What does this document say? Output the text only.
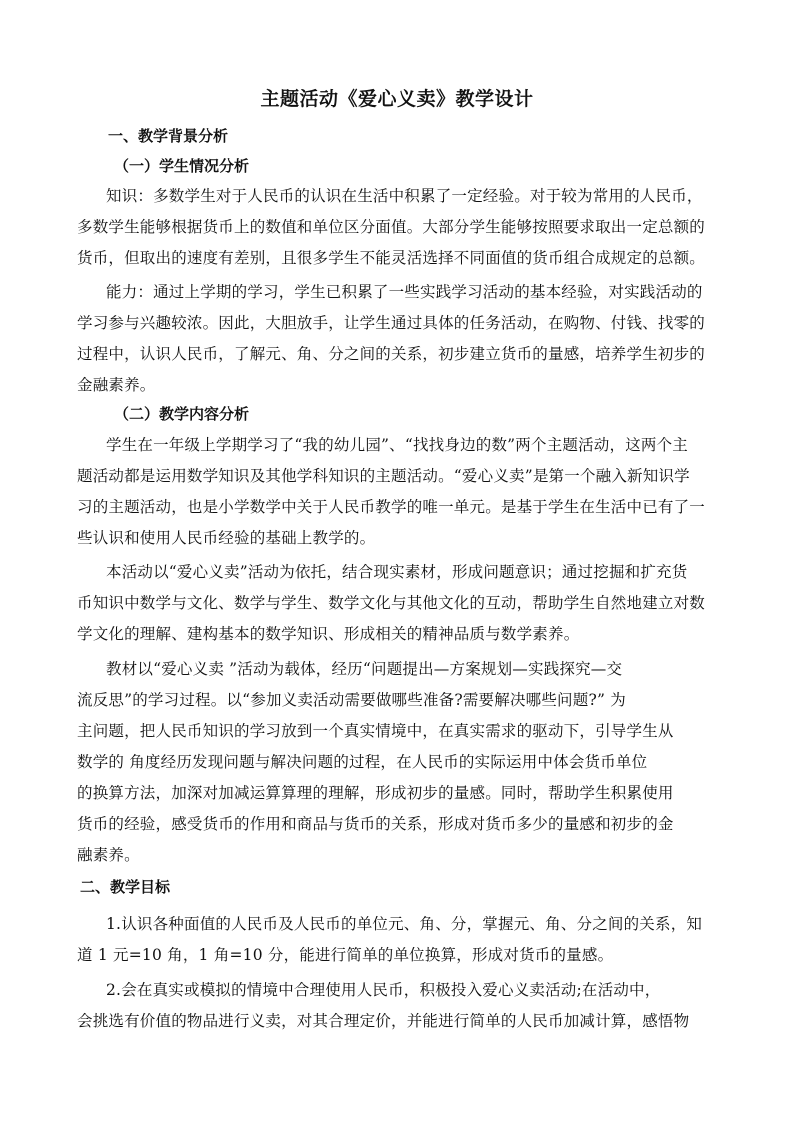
主题活动《爱心义卖》教学设计
一、教学背景分析
（一）学生情况分析
知识：多数学生对于人民币的认识在生活中积累了一定经验。对于较为常用的人民币，
多数学生能够根据货币上的数值和单位区分面值。大部分学生能够按照要求取出一定总额的
货币，但取出的速度有差别，且很多学生不能灵活选择不同面值的货币组合成规定的总额。
能力：通过上学期的学习，学生已积累了一些实践学习活动的基本经验，对实践活动的
学习参与兴趣较浓。因此，大胆放手，让学生通过具体的任务活动，在购物、付钱、找零的
过程中，认识人民币，了解元、角、分之间的关系，初步建立货币的量感，培养学生初步的
金融素养。
（二）教学内容分析
学生在一年级上学期学习了“我的幼儿园”、“找找身边的数”两个主题活动，这两个主
题活动都是运用数学知识及其他学科知识的主题活动。“爱心义卖”是第一个融入新知识学
习的主题活动，也是小学数学中关于人民币教学的唯一单元。是基于学生在生活中已有了一
些认识和使用人民币经验的基础上教学的。
本活动以“爱心义卖”活动为依托，结合现实素材，形成问题意识；通过挖掘和扩充货
币知识中数学与文化、数学与学生、数学文化与其他文化的互动，帮助学生自然地建立对数
学文化的理解、建构基本的数学知识、形成相关的精神品质与数学素养。
教材以“爱心义卖 ”活动为载体，经历“问题提出—方案规划—实践探究—交
流反思”的学习过程。以“参加义卖活动需要做哪些准备?需要解决哪些问题?” 为
主问题，把人民币知识的学习放到一个真实情境中，在真实需求的驱动下，引导学生从
数学的 角度经历发现问题与解决问题的过程，在人民币的实际运用中体会货币单位
的换算方法，加深对加减运算算理的理解，形成初步的量感。同时，帮助学生积累使用
货币的经验，感受货币的作用和商品与货币的关系，形成对货币多少的量感和初步的金
融素养。
二、教学目标
1.认识各种面值的人民币及人民币的单位元、角、分，掌握元、角、分之间的关系，知
道 1 元=10 角，1 角=10 分，能进行简单的单位换算，形成对货币的量感。
2.会在真实或模拟的情境中合理使用人民币，积极投入爱心义卖活动;在活动中，
会挑选有价值的物品进行义卖，对其合理定价，并能进行简单的人民币加减计算，感悟物
